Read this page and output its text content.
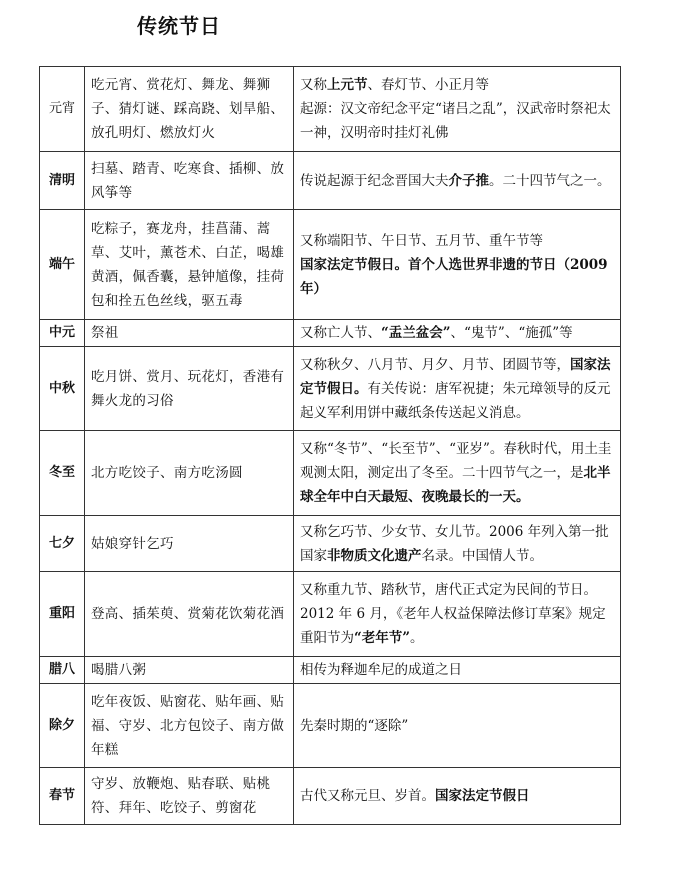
传统节日
元宵	吃元宵、赏花灯、舞龙、舞狮子、猜灯谜、踩高跷、划旱船、放孔明灯、燃放灯火	又称上元节、春灯节、小正月等
起源：汉文帝纪念平定“诸吕之乱”，汉武帝时祭祀太一神，汉明帝时挂灯礼佛

清明	扫墓、踏青、吃寒食、插柳、放风筝等	传说起源于纪念晋国大夫介子推。二十四节气之一。

端午	吃粽子，赛龙舟，挂菖蒲、蒿草、艾叶，薰苍术、白芷，喝雄黄酒，佩香囊，悬钟馗像，挂荷包和拴五色丝线，驱五毒	又称端阳节、午日节、五月节、重午节等
国家法定节假日。首个人选世界非遗的节日（2009 年）

中元	祭祖	又称亡人节、“盂兰盆会”、“鬼节”、“施孤”等

中秋	吃月饼、赏月、玩花灯，香港有舞火龙的习俗	又称秋夕、八月节、月夕、月节、团圆节等，国家法定节假日。有关传说：唐军祝捷；朱元璋领导的反元起义军利用饼中藏纸条传送起义消息。

冬至	北方吃饺子、南方吃汤圆	又称“冬节”、“长至节”、“亚岁”。春秋时代，用土圭观测太阳，测定出了冬至。二十四节气之一，是北半球全年中白天最短、夜晚最长的一天。

七夕	姑娘穿针乞巧	又称乞巧节、少女节、女儿节。2006 年列入第一批国家非物质文化遗产名录。中国情人节。

重阳	登高、插茱萸、赏菊花饮菊花酒	又称重九节、踏秋节，唐代正式定为民间的节日。
2012 年 6 月，《老年人权益保障法修订草案》规定重阳节为“老年节”。

腊八	喝腊八粥	相传为释迦牟尼的成道之日

除夕	吃年夜饭、贴窗花、贴年画、贴福、守岁、北方包饺子、南方做年糕	先秦时期的“逐除”

春节	守岁、放鞭炮、贴春联、贴桃符、拜年、吃饺子、剪窗花	古代又称元旦、岁首。国家法定节假日
